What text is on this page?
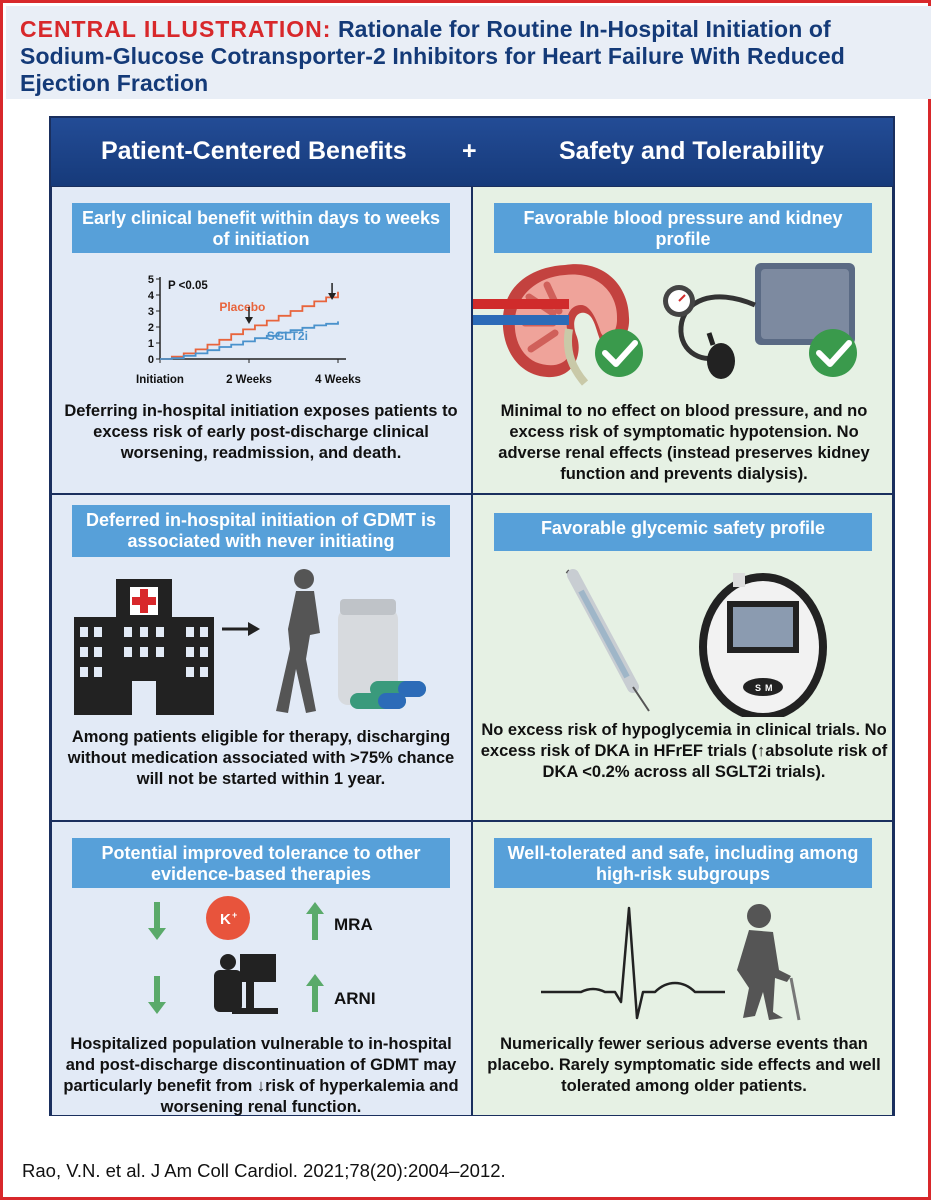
CENTRAL ILLUSTRATION: Rationale for Routine In-Hospital Initiation of Sodium-Glucose Cotransporter-2 Inhibitors for Heart Failure With Reduced Ejection Fraction
Patient-Centered Benefits +	Safety and Tolerability
Early clinical benefit within days to weeks of initiation
0
1
2
3
4
5
Initiation	2 Weeks	4 Weeks
P <0.05
Placebo
SGLT2i
Deferring in-hospital initiation exposes patients to excess risk of early post-discharge clinical worsening, readmission, and death.
Favorable blood pressure and kidney profile
Minimal to no effect on blood pressure, and no excess risk of symptomatic hypotension. No adverse renal effects (instead preserves kidney function and prevents dialysis).
Deferred in-hospital initiation of GDMT is associated with never initiating
Among patients eligible for therapy, discharging without medication associated with >75% chance will not be started within 1 year.
Favorable glycemic safety profile
S M
No excess risk of hypoglycemia in clinical trials. No excess risk of DKA in HFrEF trials (↑absolute risk of DKA <0.2% across all SGLT2i trials).
Potential improved tolerance to other evidence-based therapies
K +	MRA
ARNI
Hospitalized population vulnerable to in-hospital and post-discharge discontinuation of GDMT may particularly benefit from ↓risk of hyperkalemia and worsening renal function.
Well-tolerated and safe, including among high-risk subgroups
Numerically fewer serious adverse events than placebo. Rarely symptomatic side effects and well tolerated among older patients.
Rao, V.N. et al. J Am Coll Cardiol. 2021;78(20):2004–2012.
